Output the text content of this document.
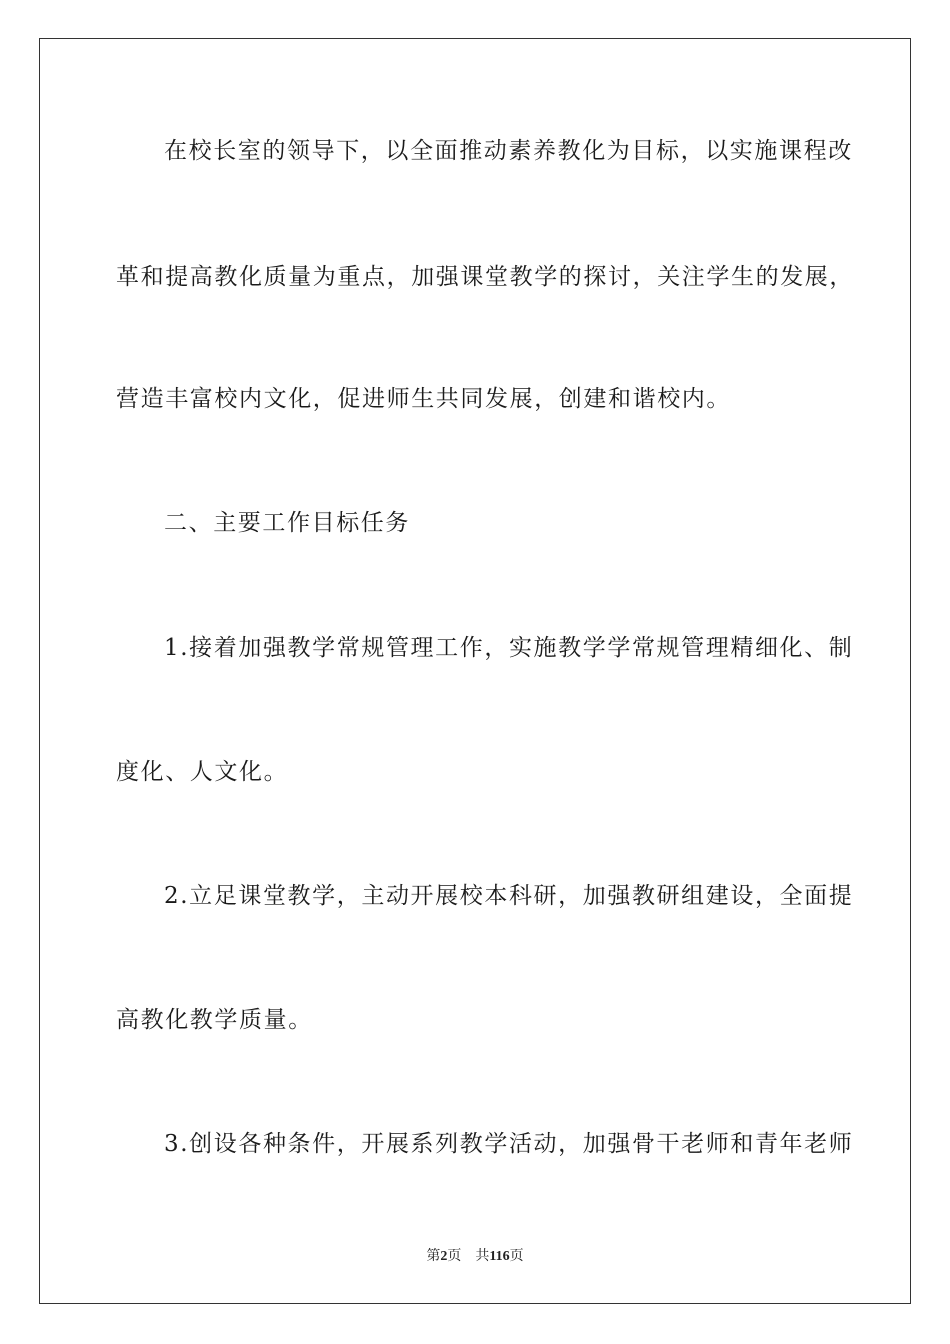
在校长室的领导下，以全面推动素养教化为目标，以实施课程改
革和提高教化质量为重点，加强课堂教学的探讨，关注学生的发展，
营造丰富校内文化，促进师生共同发展，创建和谐校内。
二、主要工作目标任务
1.接着加强教学常规管理工作，实施教学学常规管理精细化、制
度化、人文化。
2.立足课堂教学，主动开展校本科研，加强教研组建设，全面提
高教化教学质量。
3.创设各种条件，开展系列教学活动，加强骨干老师和青年老师
第2页 共116页
